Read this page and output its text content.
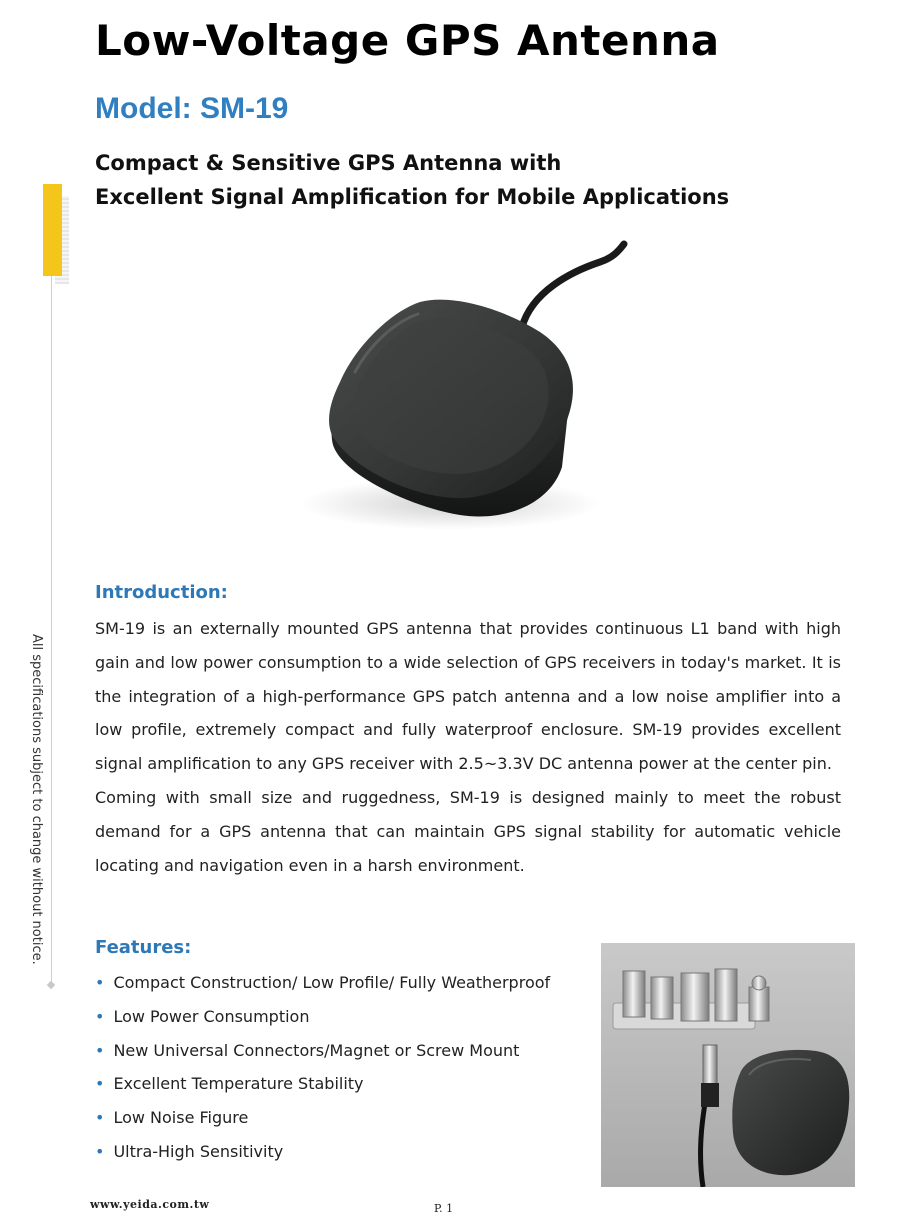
Low-Voltage GPS Antenna
Model: SM-19
Compact & Sensitive GPS Antenna with
Excellent Signal Amplification for Mobile Applications
All specifications subject to change without notice.
Introduction:

SM-19 is an externally mounted GPS antenna that provides continuous L1 band with high gain and low power consumption to a wide selection of GPS receivers in today's market. It is the integration of a high-performance GPS patch antenna and a low noise amplifier into a low profile, extremely compact and fully waterproof enclosure. SM-19 provides excellent signal amplification to any GPS receiver with 2.5~3.3V DC antenna power at the center pin.

Coming with small size and ruggedness, SM-19 is designed mainly to meet the robust demand for a GPS antenna that can maintain GPS signal stability for automatic vehicle locating and navigation even in a harsh environment.

Features:
• Compact Construction/ Low Profile/ Fully Weatherproof
• Low Power Consumption
• New Universal Connectors/Magnet or Screw Mount
• Excellent Temperature Stability
• Low Noise Figure
• Ultra-High Sensitivity
www.yeida.com.tw	P. 1
